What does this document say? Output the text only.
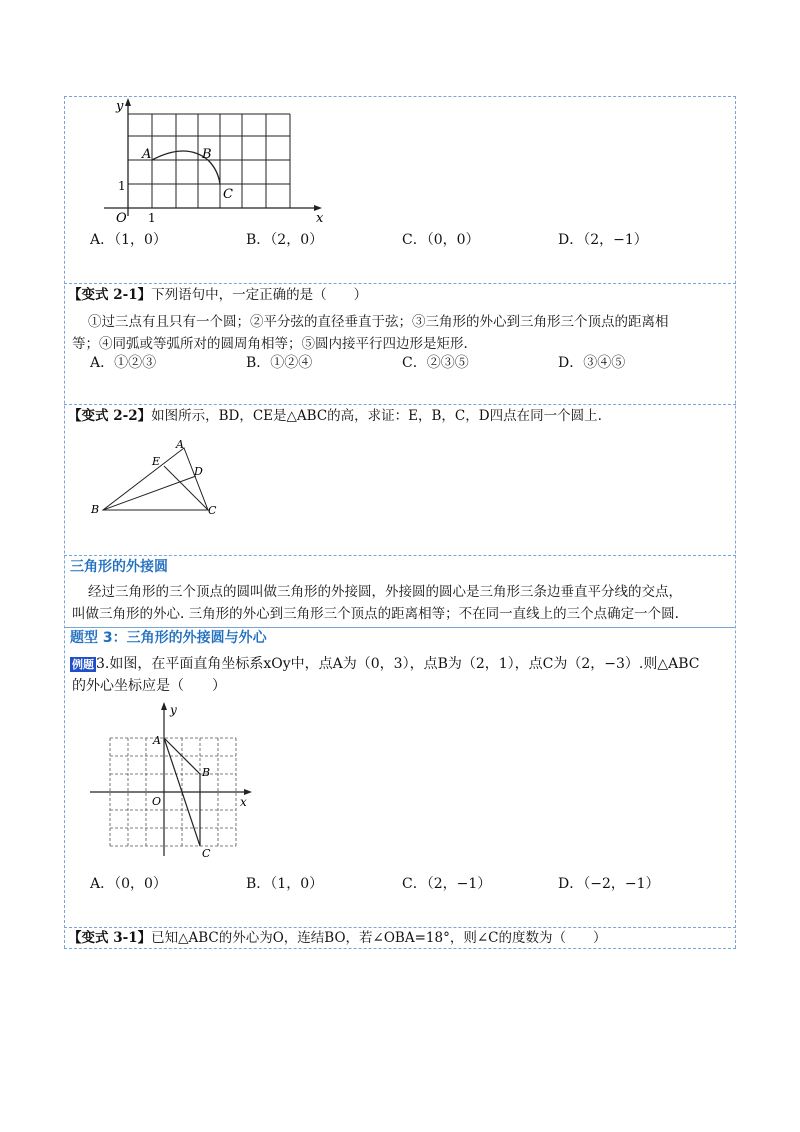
y
x
O 1
1
A	B
C
A．（1，0）	B．（2，0）	C．（0，0）	D．（2，−1）
【变式 2-1】下列语句中，一定正确的是（　　）
①过三点有且只有一个圆；②平分弦的直径垂直于弦；③三角形的外心到三角形三个顶点的距离相
等；④同弧或等弧所对的圆周角相等；⑤圆内接平行四边形是矩形.
A．①②③	B．①②④	C．②③⑤	D．③④⑤
【变式 2-2】如图所示，BD，CE是△ABC的高，求证：E，B，C，D四点在同一个圆上.
A
B	C
D
E
三角形的外接圆
经过三角形的三个顶点的圆叫做三角形的外接圆，外接圆的圆心是三角形三条边垂直平分线的交点，
叫做三角形的外心. 三角形的外心到三角形三个顶点的距离相等；不在同一直线上的三个点确定一个圆.
题型 3：三角形的外接圆与外心
例题 3.如图，在平面直角坐标系xOy中，点A为（0，3），点B为（2，1），点C为（2，−3）.则△ABC
的外心坐标应是（　　）
x
y
O
A
B
C
A．（0，0）	B．（1，0）	C．（2，−1）	D．（−2，−1）
【变式 3-1】已知△ABC的外心为O，连结BO，若∠OBA=18°，则∠C的度数为（　　）
